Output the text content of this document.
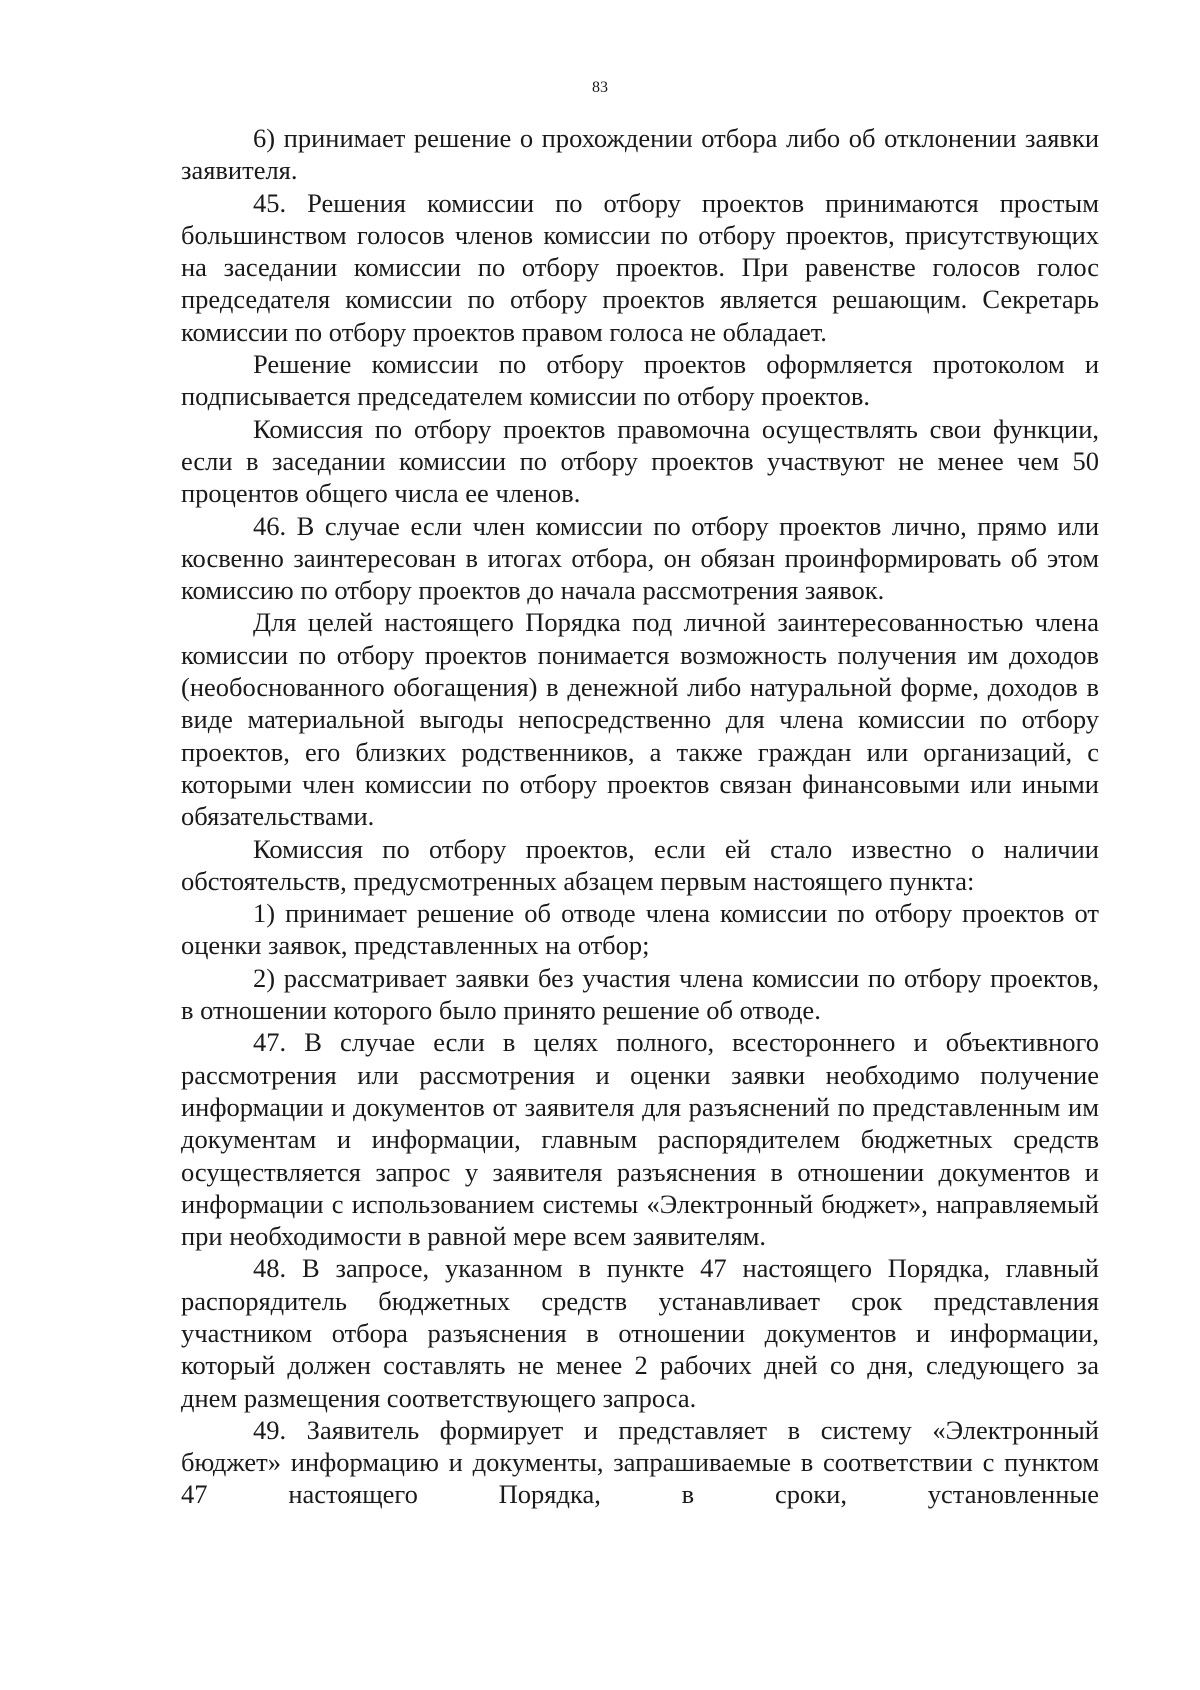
83

6) принимает решение о прохождении отбора либо об отклонении заявки заявителя.

45. Решения комиссии по отбору проектов принимаются простым большинством голосов членов комиссии по отбору проектов, присутствующих на заседании комиссии по отбору проектов. При равенстве голосов голос председателя комиссии по отбору проектов является решающим. Секретарь комиссии по отбору проектов правом голоса не обладает.

Решение комиссии по отбору проектов оформляется протоколом и подписывается председателем комиссии по отбору проектов.

Комиссия по отбору проектов правомочна осуществлять свои функции, если в заседании комиссии по отбору проектов участвуют не менее чем 50 процентов общего числа ее членов.

46. В случае если член комиссии по отбору проектов лично, прямо или косвенно заинтересован в итогах отбора, он обязан проинформировать об этом комиссию по отбору проектов до начала рассмотрения заявок.

Для целей настоящего Порядка под личной заинтересованностью члена комиссии по отбору проектов понимается возможность получения им доходов (необоснованного обогащения) в денежной либо натуральной форме, доходов в виде материальной выгоды непосредственно для члена комиссии по отбору проектов, его близких родственников, а также граждан или организаций, с которыми член комиссии по отбору проектов связан финансовыми или иными обязательствами.

Комиссия по отбору проектов, если ей стало известно о наличии обстоятельств, предусмотренных абзацем первым настоящего пункта:

1) принимает решение об отводе члена комиссии по отбору проектов от оценки заявок, представленных на отбор;

2) рассматривает заявки без участия члена комиссии по отбору проектов, в отношении которого было принято решение об отводе.

47. В случае если в целях полного, всестороннего и объективного рассмотрения или рассмотрения и оценки заявки необходимо получение информации и документов от заявителя для разъяснений по представленным им документам и информации, главным распорядителем бюджетных средств осуществляется запрос у заявителя разъяснения в отношении документов и информации с использованием системы «Электронный бюджет», направляемый при необходимости в равной мере всем заявителям.

48. В запросе, указанном в пункте 47 настоящего Порядка, главный распорядитель бюджетных средств устанавливает срок представления участником отбора разъяснения в отношении документов и информации, который должен составлять не менее 2 рабочих дней со дня, следующего за днем размещения соответствующего запроса.

49. Заявитель формирует и представляет в систему «Электронный бюджет» информацию и документы, запрашиваемые в соответствии с пунктом 47 настоящего Порядка, в сроки, установленные
